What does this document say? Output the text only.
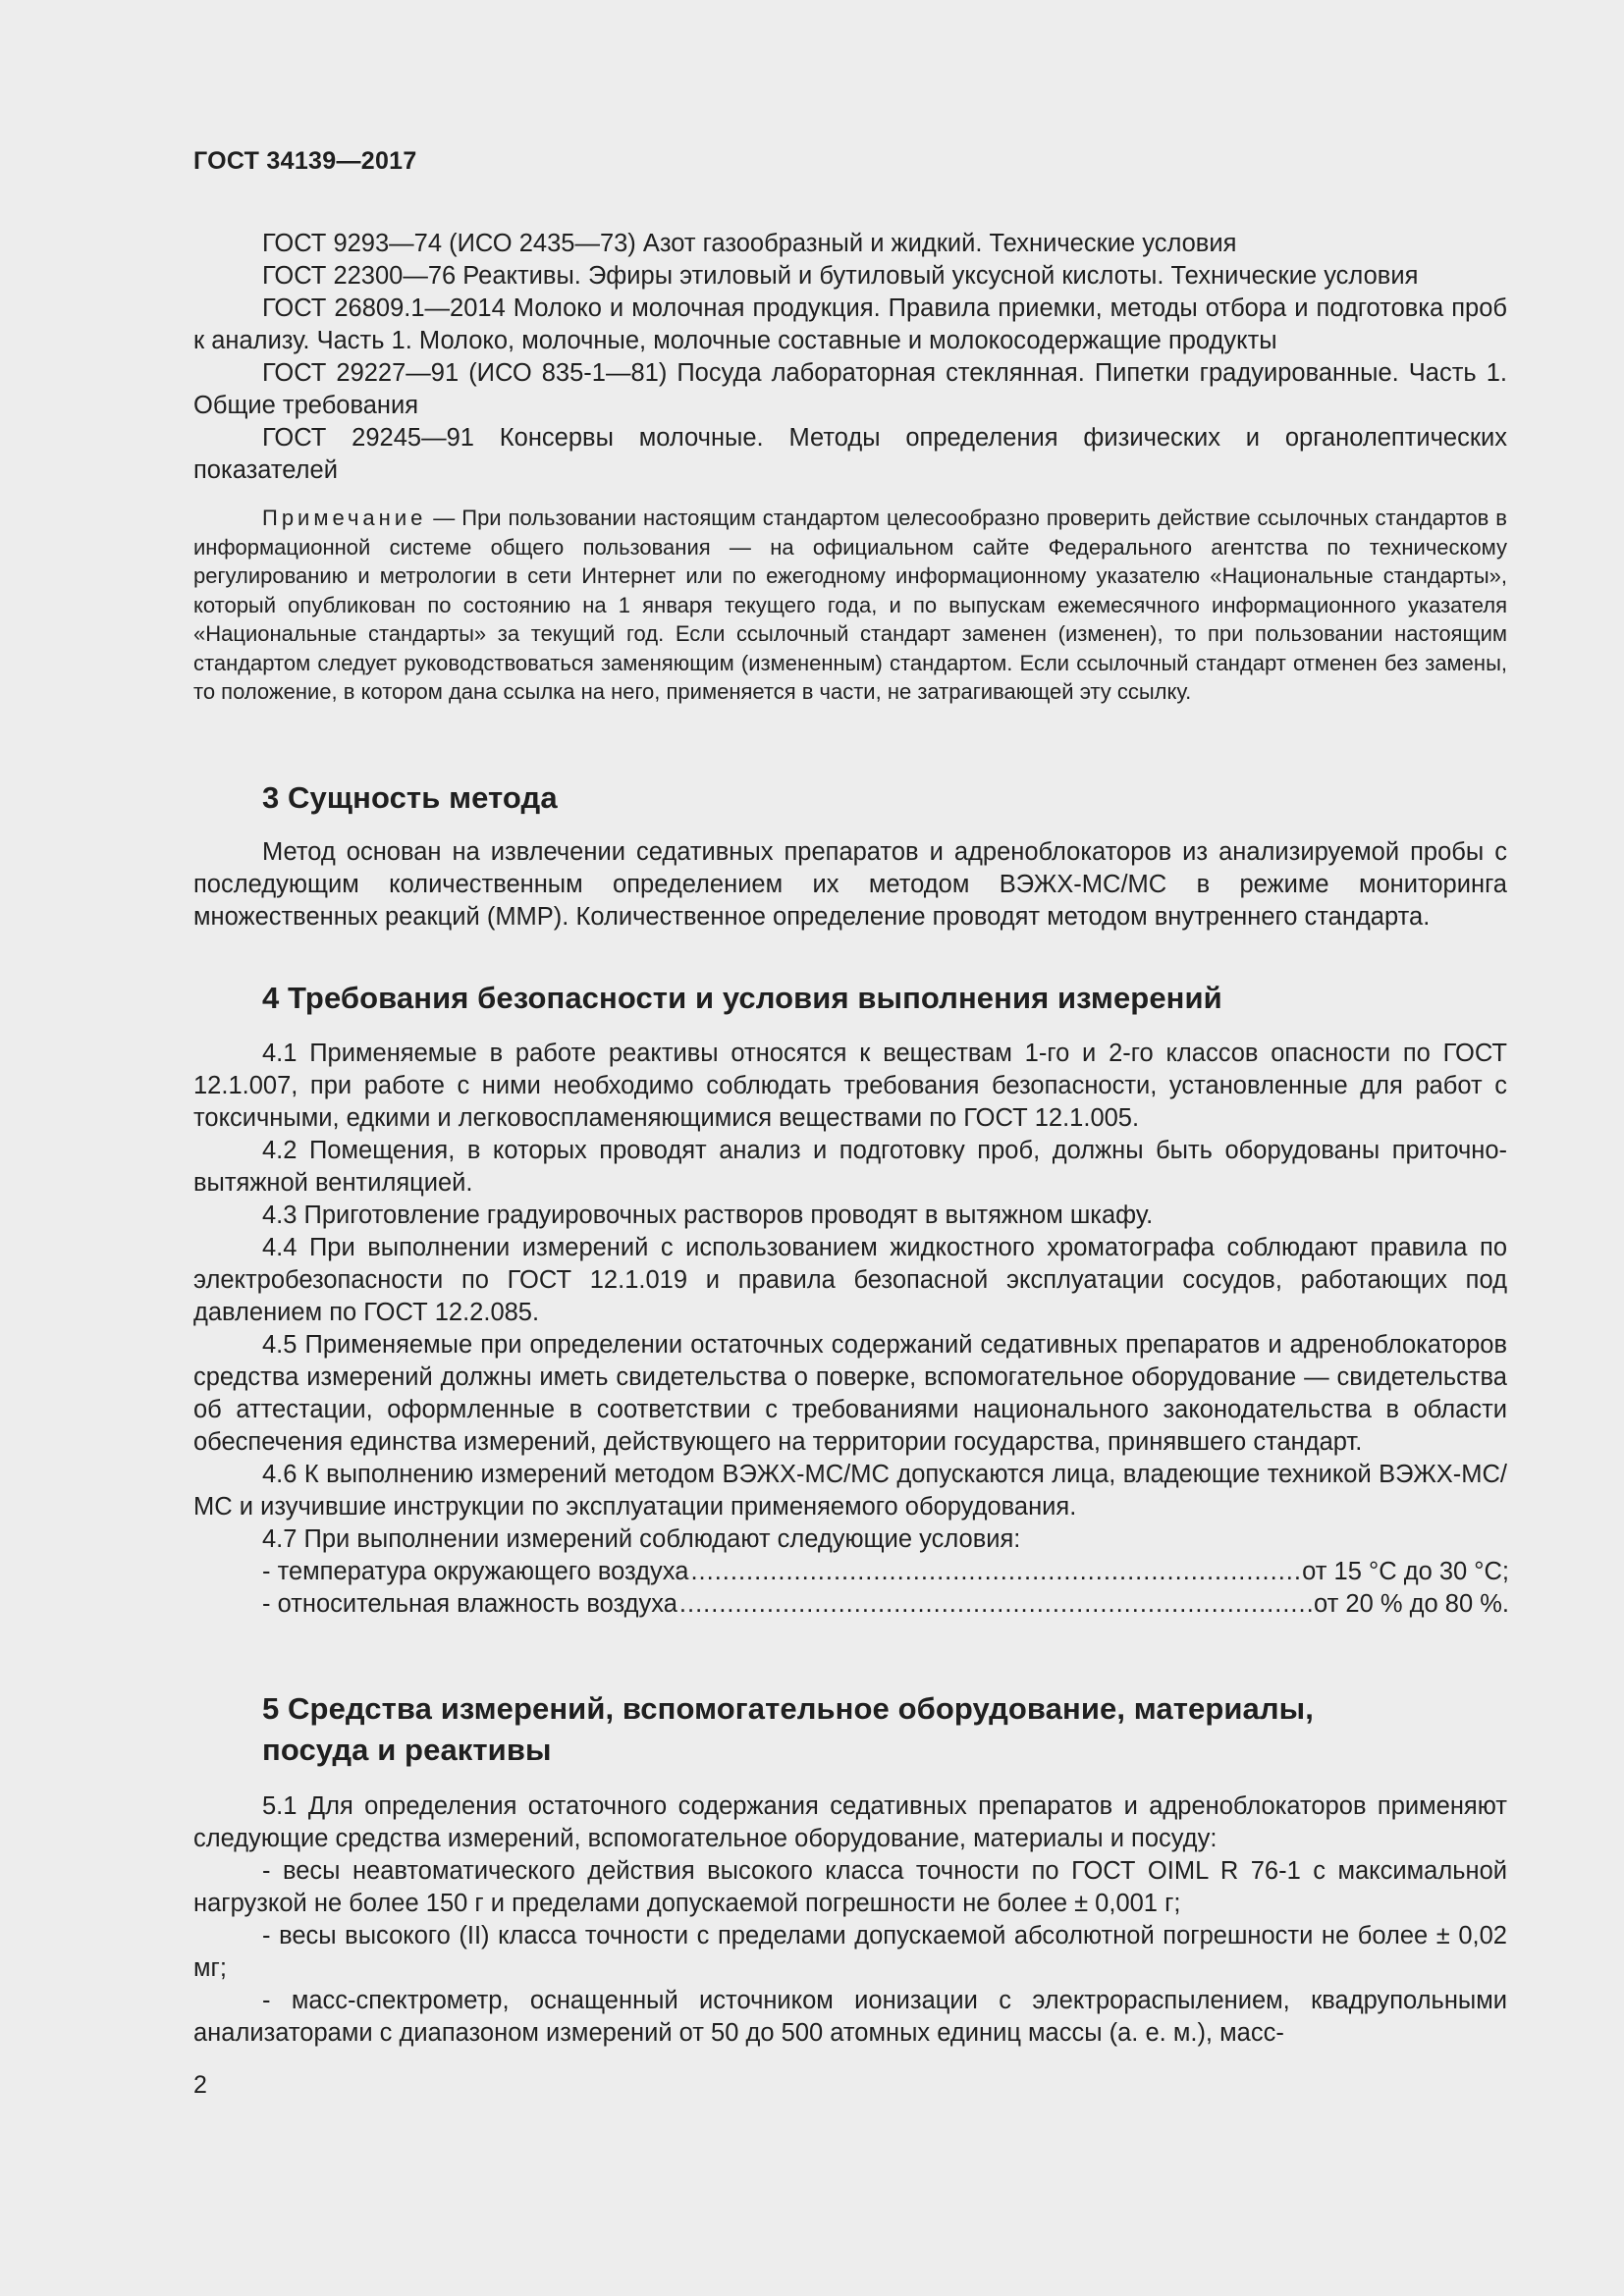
ГОСТ 34139—2017

ГОСТ 9293—74 (ИСО 2435—73) Азот газообразный и жидкий. Технические условия

ГОСТ 22300—76 Реактивы. Эфиры этиловый и бутиловый уксусной кислоты. Технические условия

ГОСТ 26809.1—2014 Молоко и молочная продукция. Правила приемки, методы отбора и подготовка проб к анализу. Часть 1. Молоко, молочные, молочные составные и молокосодержащие продукты

ГОСТ 29227—91 (ИСО 835-1—81) Посуда лабораторная стеклянная. Пипетки градуированные. Часть 1. Общие требования

ГОСТ 29245—91 Консервы молочные. Методы определения физических и органолептических показателей

Примечание — При пользовании настоящим стандартом целесообразно проверить действие ссылочных стандартов в информационной системе общего пользования — на официальном сайте Федерального агентства по техническому регулированию и метрологии в сети Интернет или по ежегодному информационному указателю «Национальные стандарты», который опубликован по состоянию на 1 января текущего года, и по выпускам ежемесячного информационного указателя «Национальные стандарты» за текущий год. Если ссылочный стандарт заменен (изменен), то при пользовании настоящим стандартом следует руководствоваться заменяющим (измененным) стандартом. Если ссылочный стандарт отменен без замены, то положение, в котором дана ссылка на него, применяется в части, не затрагивающей эту ссылку.

3 Сущность метода

Метод основан на извлечении седативных препаратов и адреноблокаторов из анализируемой пробы с последующим количественным определением их методом ВЭЖХ-МС/МС в режиме мониторинга множественных реакций (ММР). Количественное определение проводят методом внутреннего стандарта.

4 Требования безопасности и условия выполнения измерений

4.1 Применяемые в работе реактивы относятся к веществам 1-го и 2-го классов опасности по ГОСТ 12.1.007, при работе с ними необходимо соблюдать требования безопасности, установленные для работ с токсичными, едкими и легковоспламеняющимися веществами по ГОСТ 12.1.005.

4.2 Помещения, в которых проводят анализ и подготовку проб, должны быть оборудованы приточно-вытяжной вентиляцией.

4.3 Приготовление градуировочных растворов проводят в вытяжном шкафу.

4.4 При выполнении измерений с использованием жидкостного хроматографа соблюдают правила по электробезопасности по ГОСТ 12.1.019 и правила безопасной эксплуатации сосудов, работающих под давлением по ГОСТ 12.2.085.

4.5 Применяемые при определении остаточных содержаний седативных препаратов и адреноблокаторов средства измерений должны иметь свидетельства о поверке, вспомогательное оборудование — свидетельства об аттестации, оформленные в соответствии с требованиями национального законодательства в области обеспечения единства измерений, действующего на территории государства, принявшего стандарт.

4.6 К выполнению измерений методом ВЭЖХ-МС/МС допускаются лица, владеющие техникой ВЭЖХ-МС/МС и изучившие инструкции по эксплуатации применяемого оборудования.

4.7 При выполнении измерений соблюдают следующие условия:

- температура окружающего воздуха .....	от 15 °С до 30 °С;
- относительная влажность воздуха .....	от 20 % до 80 %.
5 Средства измерений, вспомогательное оборудование, материалы,
посуда и реактивы

5.1 Для определения остаточного содержания седативных препаратов и адреноблокаторов применяют следующие средства измерений, вспомогательное оборудование, материалы и посуду:

- весы неавтоматического действия высокого класса точности по ГОСТ OIML R 76-1 с максимальной нагрузкой не более 150 г и пределами допускаемой погрешности не более ± 0,001 г;

- весы высокого (II) класса точности с пределами допускаемой абсолютной погрешности не более ± 0,02 мг;

- масс-спектрометр, оснащенный источником ионизации с электрораспылением, квадрупольными анализаторами с диапазоном измерений от 50 до 500 атомных единиц массы (а. е. м.), масс-

2
